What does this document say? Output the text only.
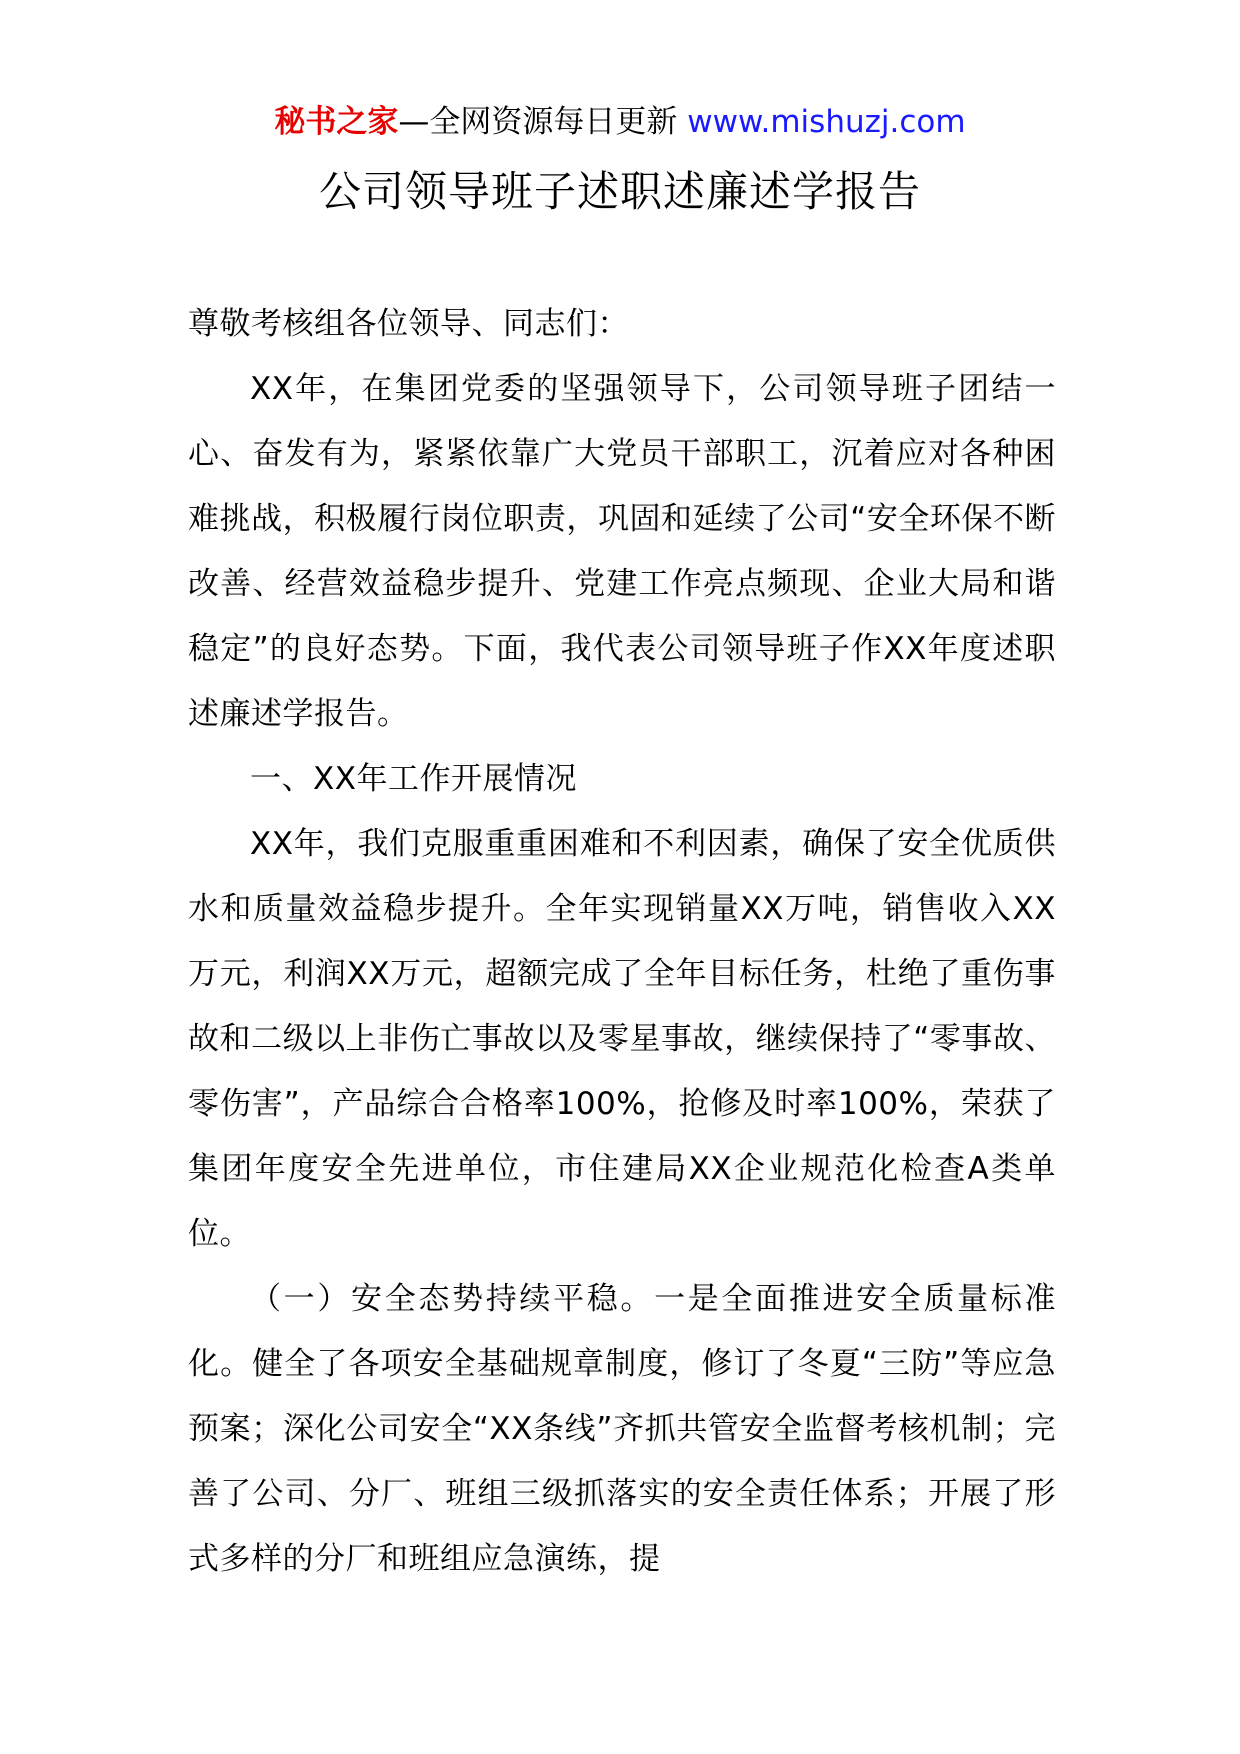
秘书之家—全网资源每日更新 www.mishuzj.com
公司领导班子述职述廉述学报告

尊敬考核组各位领导、同志们：

XX年，在集团党委的坚强领导下，公司领导班子团结一心、奋发有为，紧紧依靠广大党员干部职工，沉着应对各种困难挑战，积极履行岗位职责，巩固和延续了公司“安全环保不断改善、经营效益稳步提升、党建工作亮点频现、企业大局和谐稳定”的良好态势。下面，我代表公司领导班子作XX年度述职述廉述学报告。

一、XX年工作开展情况

XX年，我们克服重重困难和不利因素，确保了安全优质供水和质量效益稳步提升。全年实现销量XX万吨，销售收入XX万元，利润XX万元，超额完成了全年目标任务，杜绝了重伤事故和二级以上非伤亡事故以及零星事故，继续保持了“零事故、零伤害”，产品综合合格率100%，抢修及时率100%，荣获了集团年度安全先进单位，市住建局XX企业规范化检查A类单位。

（一）安全态势持续平稳。一是全面推进安全质量标准化。健全了各项安全基础规章制度，修订了冬夏“三防”等应急预案；深化公司安全“XX条线”齐抓共管安全监督考核机制；完善了公司、分厂、班组三级抓落实的安全责任体系；开展了形式多样的分厂和班组应急演练，提
